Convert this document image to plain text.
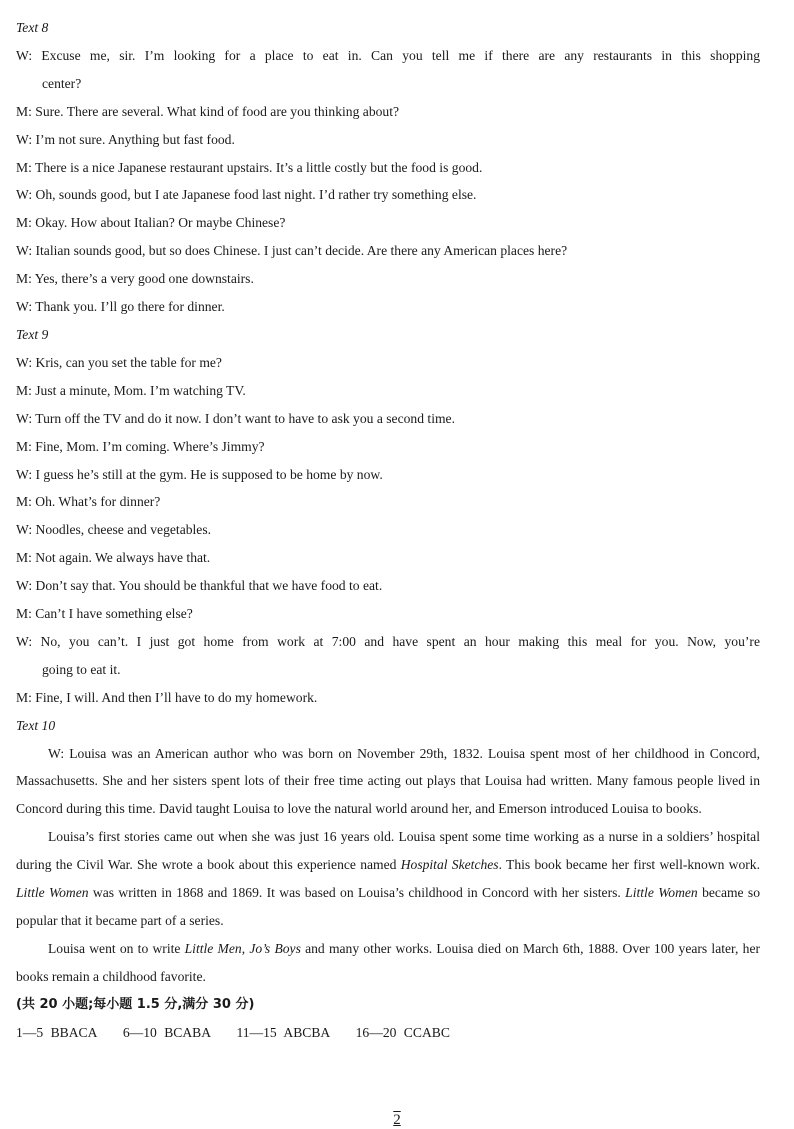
Text 8
W: Excuse me, sir. I’m looking for a place to eat in. Can you tell me if there are any restaurants in this shopping
center?
M: Sure. There are several. What kind of food are you thinking about?
W: I’m not sure. Anything but fast food.
M: There is a nice Japanese restaurant upstairs. It’s a little costly but the food is good.
W: Oh, sounds good, but I ate Japanese food last night. I’d rather try something else.
M: Okay. How about Italian? Or maybe Chinese?
W: Italian sounds good, but so does Chinese. I just can’t decide. Are there any American places here?
M: Yes, there’s a very good one downstairs.
W: Thank you. I’ll go there for dinner.
Text 9
W: Kris, can you set the table for me?
M: Just a minute, Mom. I’m watching TV.
W: Turn off the TV and do it now. I don’t want to have to ask you a second time.
M: Fine, Mom. I’m coming. Where’s Jimmy?
W: I guess he’s still at the gym. He is supposed to be home by now.
M: Oh. What’s for dinner?
W: Noodles, cheese and vegetables.
M: Not again. We always have that.
W: Don’t say that. You should be thankful that we have food to eat.
M: Can’t I have something else?
W: No, you can’t. I just got home from work at 7:00 and have spent an hour making this meal for you. Now, you’re
going to eat it.
M: Fine, I will. And then I’ll have to do my homework.
Text 10
W: Louisa was an American author who was born on November 29th, 1832. Louisa spent most of her childhood in Concord, Massachusetts. She and her sisters spent lots of their free time acting out plays that Louisa had written. Many famous people lived in Concord during this time. David taught Louisa to love the natural world around her, and Emerson introduced Louisa to books.
Louisa’s first stories came out when she was just 16 years old. Louisa spent some time working as a nurse in a soldiers’ hospital during the Civil War. She wrote a book about this experience named Hospital Sketches. This book became her first well-known work. Little Women was written in 1868 and 1869. It was based on Louisa’s childhood in Concord with her sisters. Little Women became so popular that it became part of a series.
Louisa went on to write Little Men, Jo’s Boys and many other works. Louisa died on March 6th, 1888. Over 100 years later, her books remain a childhood favorite.
(共 20 小题;每小题 1.5 分,满分 30 分)
1—5 BBACA 6—10 BCABA 11—15 ABCBA 16—20 CCABC
2
